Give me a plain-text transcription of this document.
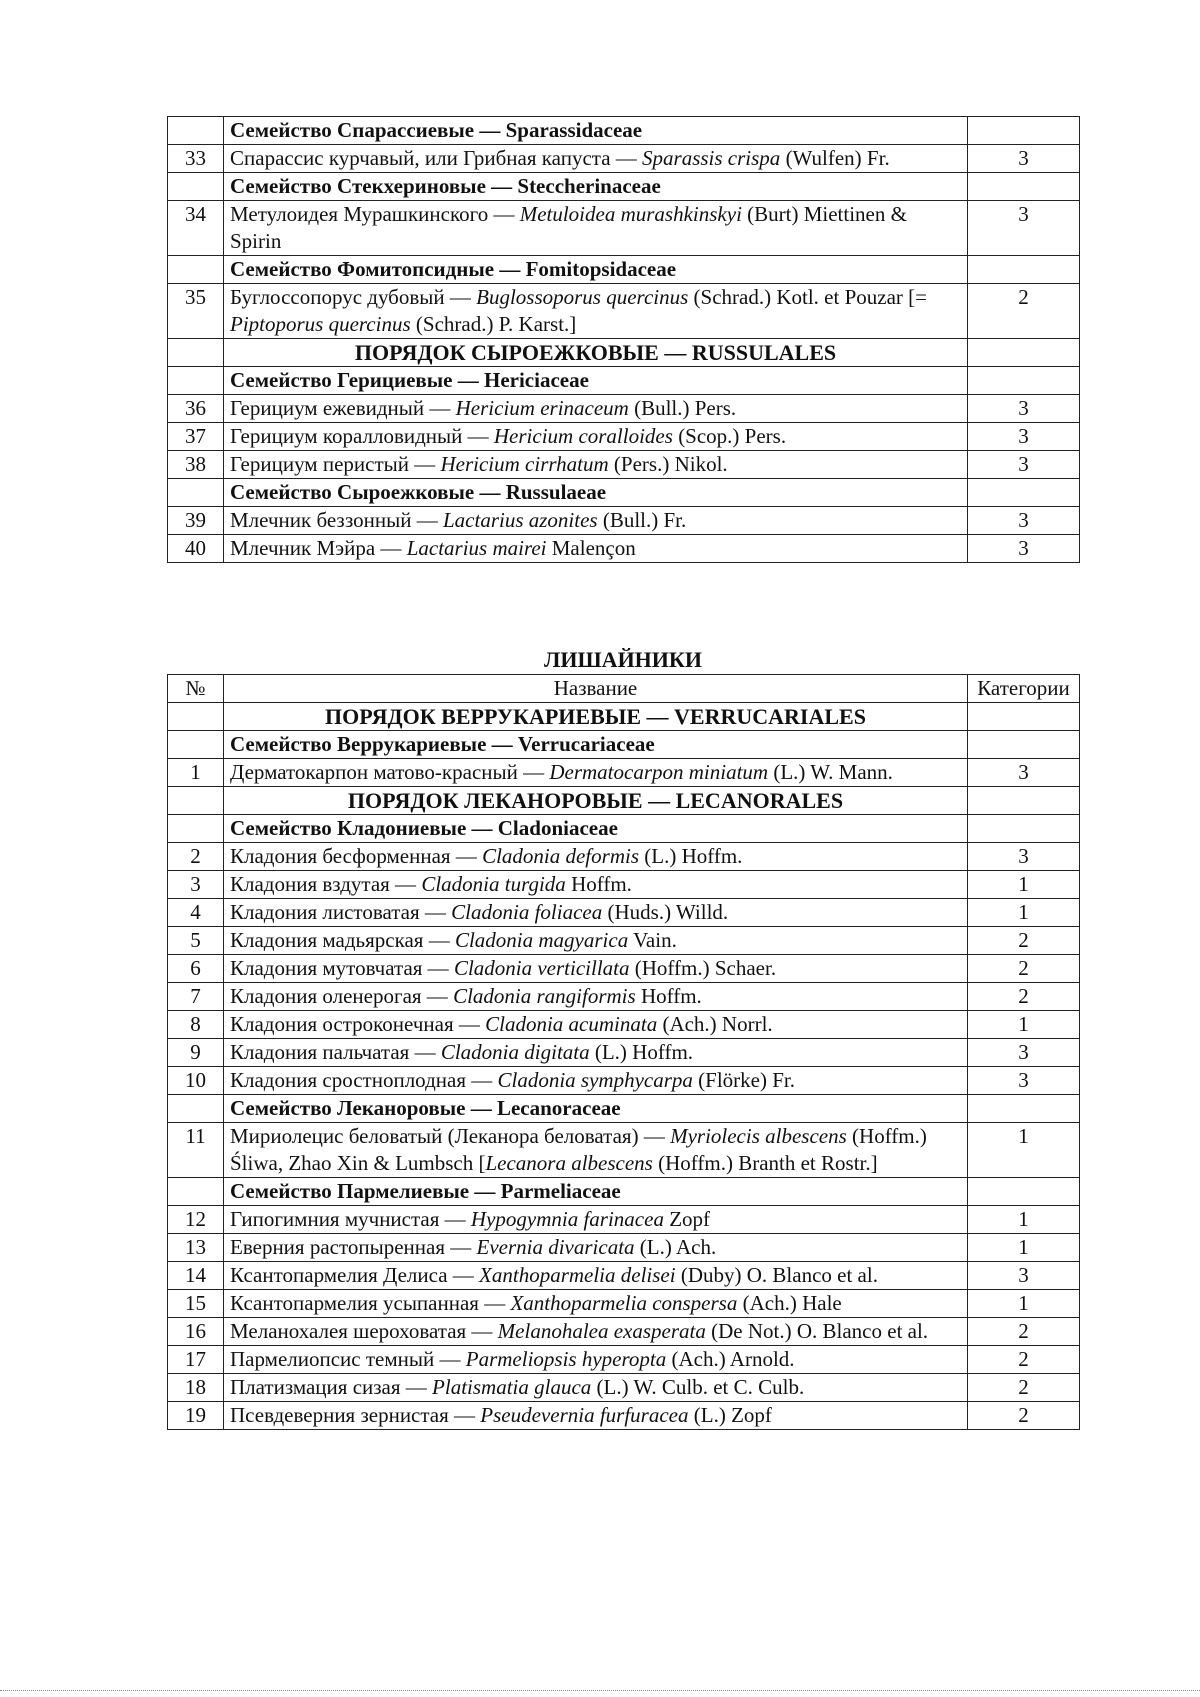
	Семейство Спарассиевые — Sparassidaceae	
33	Спарассис курчавый, или Грибная капуста — Sparassis crispa (Wulfen) Fr.	3
	Семейство Стекхериновые — Steccherinaceae	
34	Метулоидея Мурашкинского — Metuloidea murashkinskyi (Burt) Miettinen & Spirin	3
	Семейство Фомитопсидные — Fomitopsidaceae	
35	Буглоссопорус дубовый — Buglossoporus quercinus (Schrad.) Kotl. et Pouzar [= Piptoporus quercinus (Schrad.) P. Karst.]	2
	ПОРЯДОК СЫРОЕЖКОВЫЕ — RUSSULALES	
	Семейство Герициевые — Hericiaceae	
36	Герициум ежевидный — Hericium erinaceum (Bull.) Pers.	3
37	Герициум коралловидный — Hericium coralloides (Scop.) Pers.	3
38	Герициум перистый — Hericium cirrhatum (Pers.) Nikol.	3
	Семейство Сыроежковые — Russulaeae	
39	Млечник беззонный — Lactarius azonites (Bull.) Fr.	3
40	Млечник Мэйра — Lactarius mairei Malençon	3
ЛИШАЙНИКИ
№	Название	Категории
	ПОРЯДОК ВЕРРУКАРИЕВЫЕ — VERRUCARIALES	
	Семейство Веррукариевые — Verrucariaceae	
1	Дерматокарпон матово-красный — Dermatocarpon miniatum (L.) W. Mann.	3
	ПОРЯДОК ЛЕКАНОРОВЫЕ — LECANORALES	
	Семейство Кладониевые — Cladoniaceae	
2	Кладония бесформенная — Cladonia deformis (L.) Hoffm.	3
3	Кладония вздутая — Cladonia turgida Hoffm.	1
4	Кладония листоватая — Cladonia foliacea (Huds.) Willd.	1
5	Кладония мадьярская — Cladonia magyarica Vain.	2
6	Кладония мутовчатая — Cladonia verticillata (Hoffm.) Schaer.	2
7	Кладония оленерогая — Cladonia rangiformis Hoffm.	2
8	Кладония остроконечная — Cladonia acuminata (Ach.) Norrl.	1
9	Кладония пальчатая — Cladonia digitata (L.) Hoffm.	3
10	Кладония сростноплодная — Cladonia symphycarpa (Flörke) Fr.	3
	Семейство Леканоровые — Lecanoraceae	
11	Мириолецис беловатый (Леканора беловатая) — Myriolecis albescens (Hoffm.) Śliwa, Zhao Xin & Lumbsch [Lecanora albescens (Hoffm.) Branth et Rostr.]	1
	Семейство Пармелиевые — Parmeliaceae	
12	Гипогимния мучнистая — Hypogymnia farinacea Zopf	1
13	Еверния растопыренная — Evernia divaricata (L.) Ach.	1
14	Ксантопармелия Делиса — Xanthoparmelia delisei (Duby) O. Blanco et al.	3
15	Ксантопармелия усыпанная — Xanthoparmelia conspersa (Ach.) Hale	1
16	Меланохалея шероховатая — Melanohalea exasperata (De Not.) O. Blanco et al.	2
17	Пармелиопсис темный — Parmeliopsis hyperopta (Ach.) Arnold.	2
18	Платизмация сизая — Platismatia glauca (L.) W. Culb. et C. Culb.	2
19	Псевдеверния зернистая — Pseudevernia furfuracea (L.) Zopf	2
